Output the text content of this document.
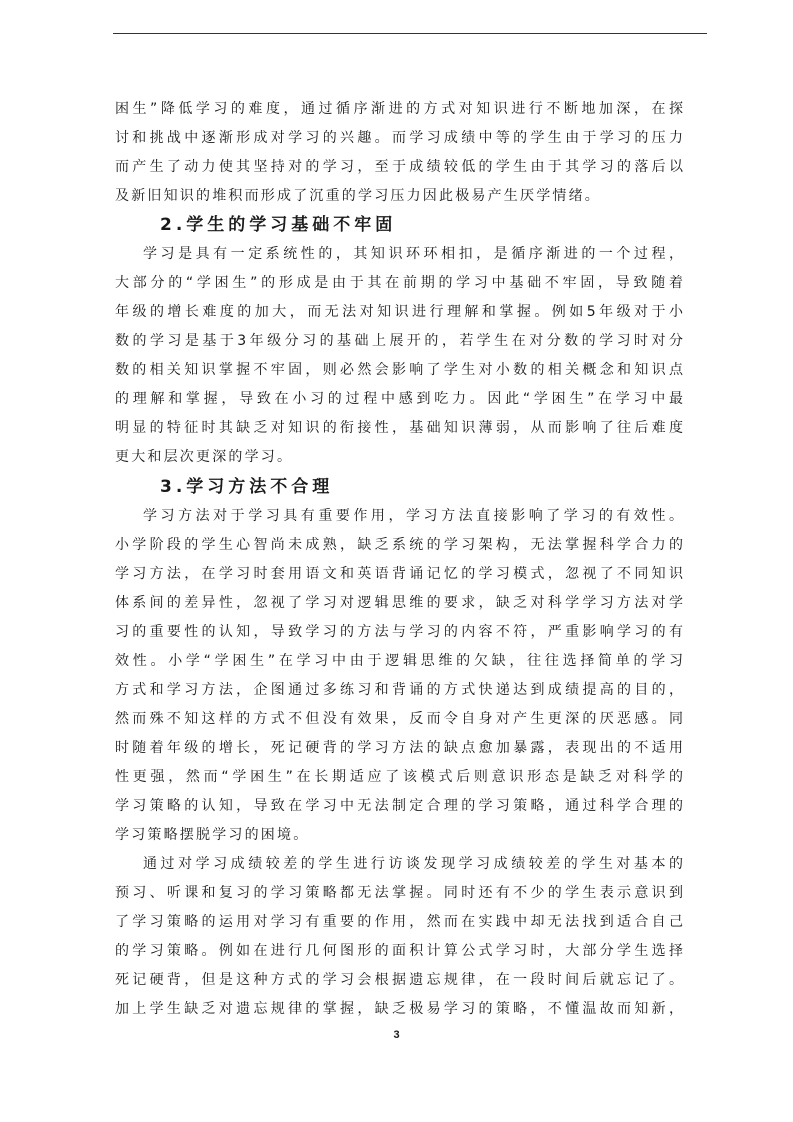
困生”降低学习的难度，通过循序渐进的方式对知识进行不断地加深，在探
讨和挑战中逐渐形成对学习的兴趣。而学习成绩中等的学生由于学习的压力
而产生了动力使其坚持对的学习，至于成绩较低的学生由于其学习的落后以
及新旧知识的堆积而形成了沉重的学习压力因此极易产生厌学情绪。
2.学生的学习基础不牢固
学习是具有一定系统性的，其知识环环相扣，是循序渐进的一个过程，
大部分的“学困生”的形成是由于其在前期的学习中基础不牢固，导致随着
年级的增长难度的加大，而无法对知识进行理解和掌握。例如5年级对于小
数的学习是基于3年级分习的基础上展开的，若学生在对分数的学习时对分
数的相关知识掌握不牢固，则必然会影响了学生对小数的相关概念和知识点
的理解和掌握，导致在小习的过程中感到吃力。因此“学困生”在学习中最
明显的特征时其缺乏对知识的衔接性，基础知识薄弱，从而影响了往后难度
更大和层次更深的学习。
3.学习方法不合理
学习方法对于学习具有重要作用，学习方法直接影响了学习的有效性。
小学阶段的学生心智尚未成熟，缺乏系统的学习架构，无法掌握科学合力的
学习方法，在学习时套用语文和英语背诵记忆的学习模式，忽视了不同知识
体系间的差异性，忽视了学习对逻辑思维的要求，缺乏对科学学习方法对学
习的重要性的认知，导致学习的方法与学习的内容不符，严重影响学习的有
效性。小学“学困生”在学习中由于逻辑思维的欠缺，往往选择简单的学习
方式和学习方法，企图通过多练习和背诵的方式快递达到成绩提高的目的，
然而殊不知这样的方式不但没有效果，反而令自身对产生更深的厌恶感。同
时随着年级的增长，死记硬背的学习方法的缺点愈加暴露，表现出的不适用
性更强，然而“学困生”在长期适应了该模式后则意识形态是缺乏对科学的
学习策略的认知，导致在学习中无法制定合理的学习策略，通过科学合理的
学习策略摆脱学习的困境。
通过对学习成绩较差的学生进行访谈发现学习成绩较差的学生对基本的
预习、听课和复习的学习策略都无法掌握。同时还有不少的学生表示意识到
了学习策略的运用对学习有重要的作用，然而在实践中却无法找到适合自己
的学习策略。例如在进行几何图形的面积计算公式学习时，大部分学生选择
死记硬背，但是这种方式的学习会根据遗忘规律，在一段时间后就忘记了。
加上学生缺乏对遗忘规律的掌握，缺乏极易学习的策略，不懂温故而知新，
3
